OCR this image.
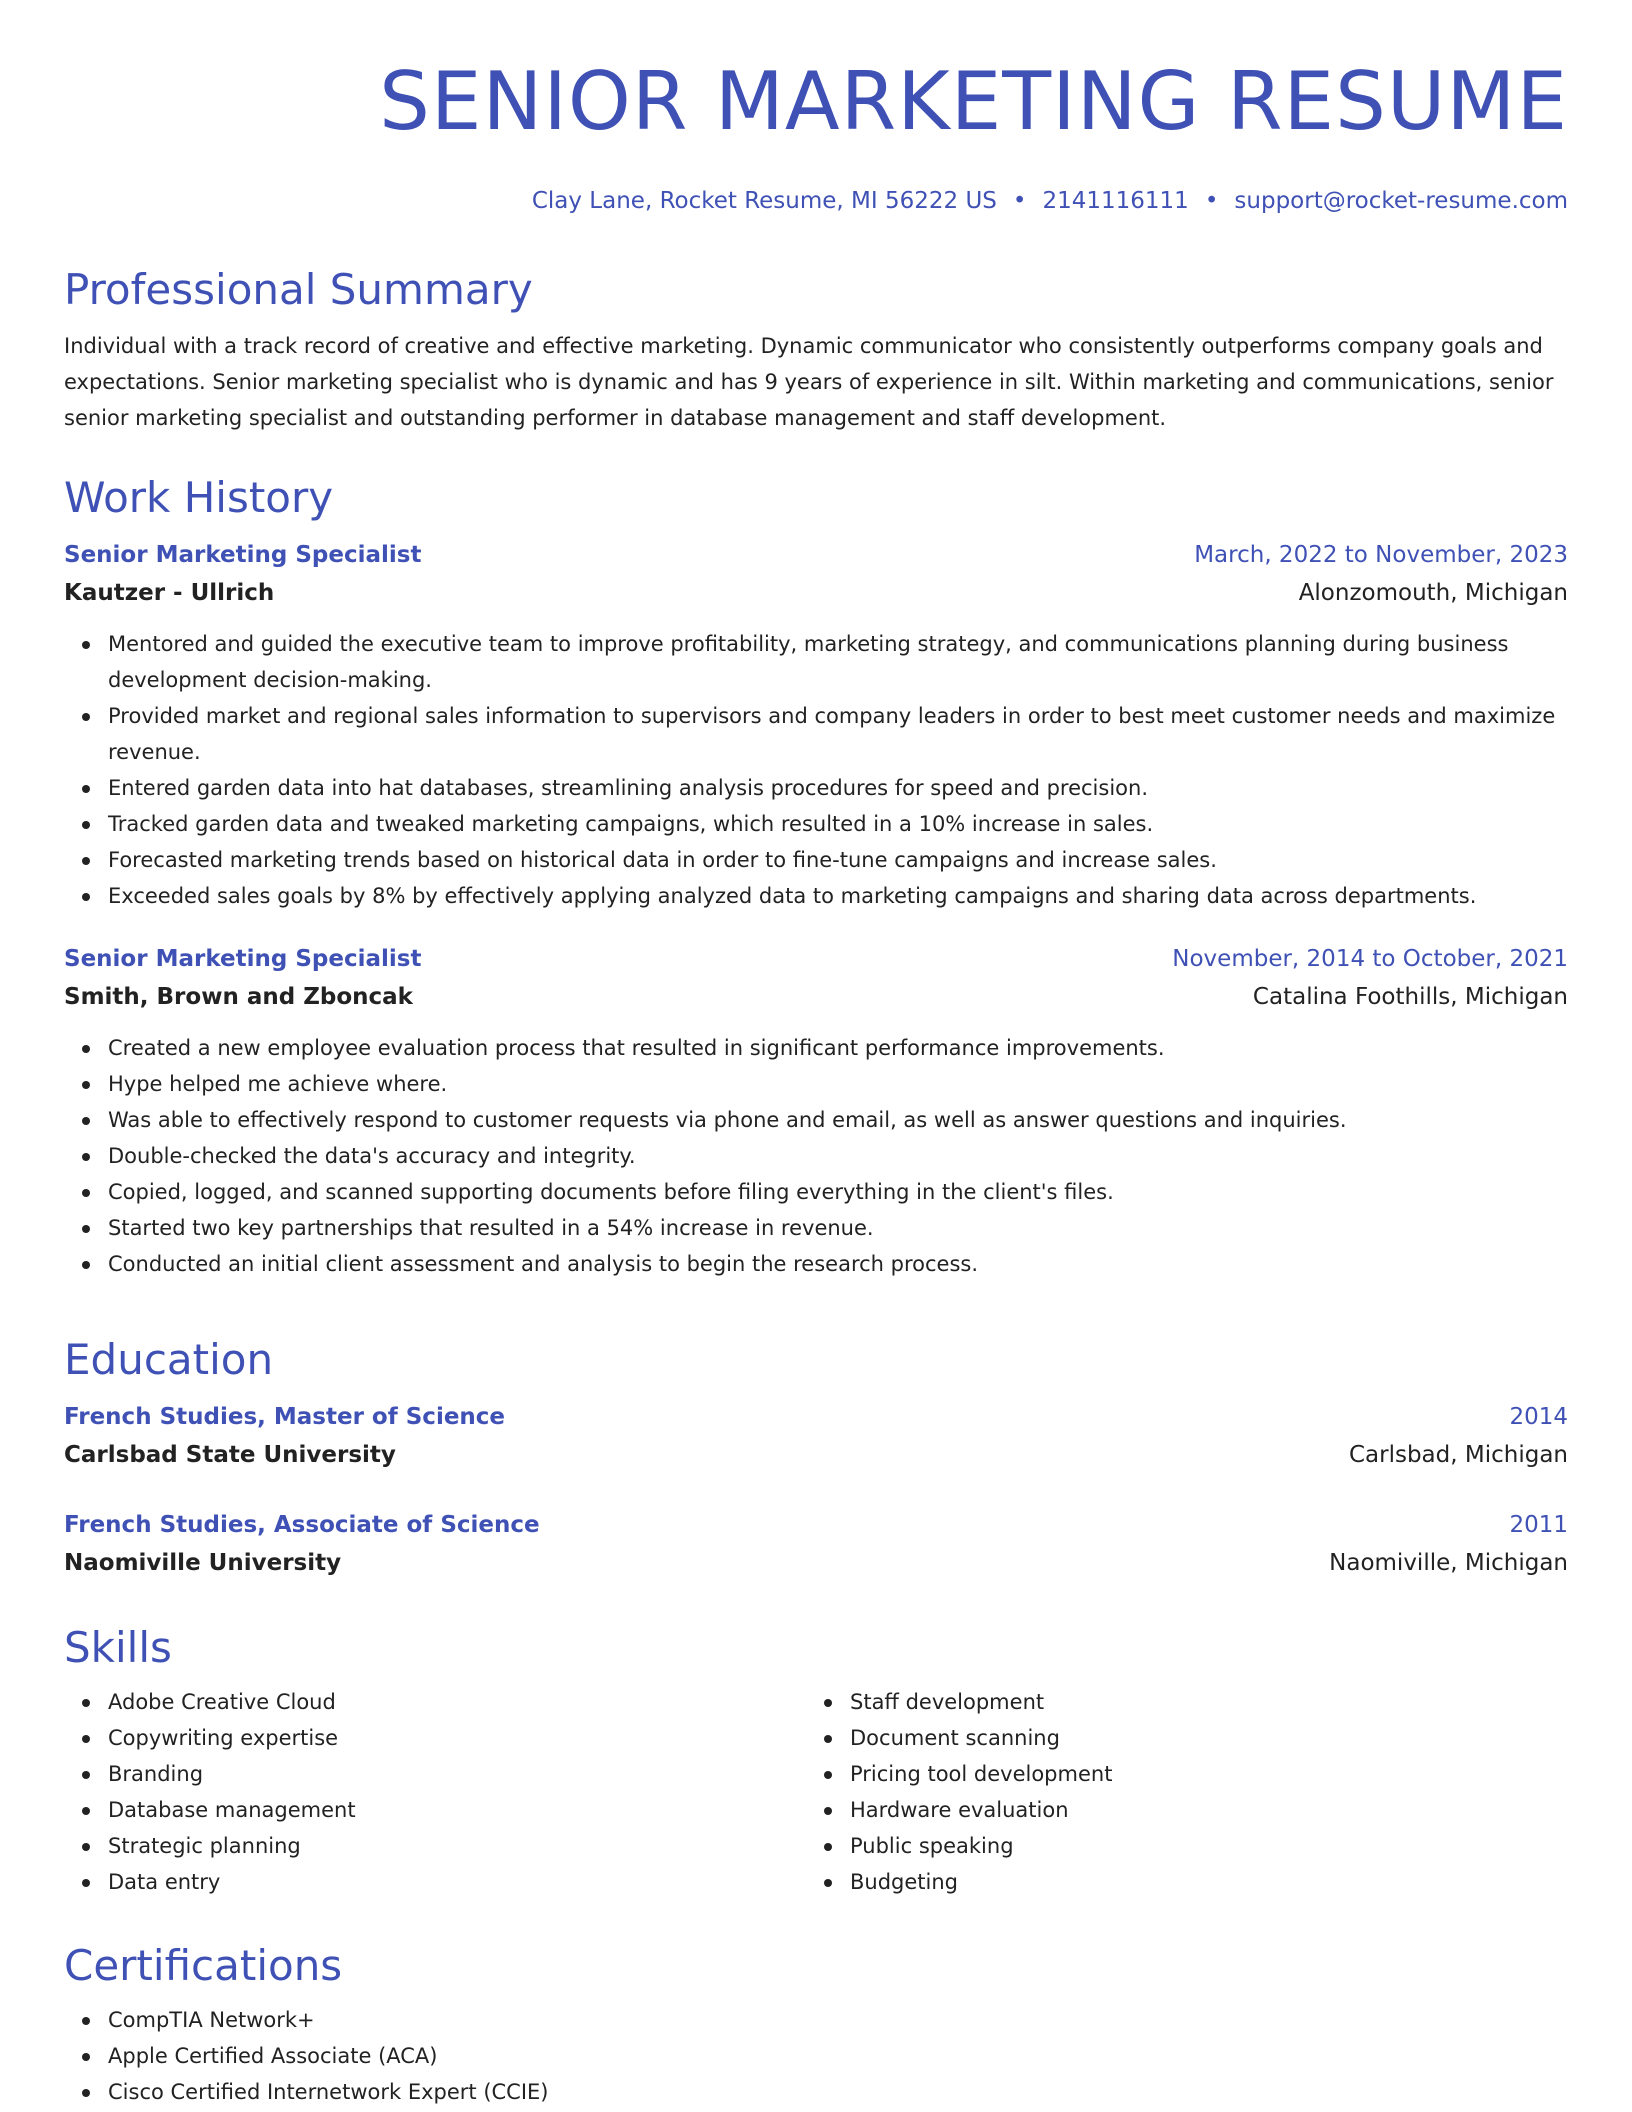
SENIOR MARKETING RESUME
Clay Lane, Rocket Resume, MI 56222 US • 2141116111 • support@rocket-resume.com
Professional Summary

Individual with a track record of creative and effective marketing. Dynamic communicator who consistently outperforms company goals and expectations. Senior marketing specialist who is dynamic and has 9 years of experience in silt. Within marketing and communications, senior senior marketing specialist and outstanding performer in database management and staff development.

Work History
Senior Marketing Specialist	March, 2022 to November, 2023
Kautzer - Ullrich	Alonzomouth, Michigan
Mentored and guided the executive team to improve profitability, marketing strategy, and communications planning during business development decision-making.
Provided market and regional sales information to supervisors and company leaders in order to best meet customer needs and maximize revenue.
Entered garden data into hat databases, streamlining analysis procedures for speed and precision.
Tracked garden data and tweaked marketing campaigns, which resulted in a 10% increase in sales.
Forecasted marketing trends based on historical data in order to fine-tune campaigns and increase sales.
Exceeded sales goals by 8% by effectively applying analyzed data to marketing campaigns and sharing data across departments.
Senior Marketing Specialist	November, 2014 to October, 2021
Smith, Brown and Zboncak	Catalina Foothills, Michigan
Created a new employee evaluation process that resulted in significant performance improvements.
Hype helped me achieve where.
Was able to effectively respond to customer requests via phone and email, as well as answer questions and inquiries.
Double-checked the data's accuracy and integrity.
Copied, logged, and scanned supporting documents before filing everything in the client's files.
Started two key partnerships that resulted in a 54% increase in revenue.
Conducted an initial client assessment and analysis to begin the research process.
Education
French Studies, Master of Science	2014
Carlsbad State University	Carlsbad, Michigan
French Studies, Associate of Science	2011
Naomiville University	Naomiville, Michigan
Skills
Adobe Creative Cloud
Copywriting expertise
Branding
Database management
Strategic planning
Data entry
Staff development
Document scanning
Pricing tool development
Hardware evaluation
Public speaking
Budgeting
Certifications
CompTIA Network+
Apple Certified Associate (ACA)
Cisco Certified Internetwork Expert (CCIE)
